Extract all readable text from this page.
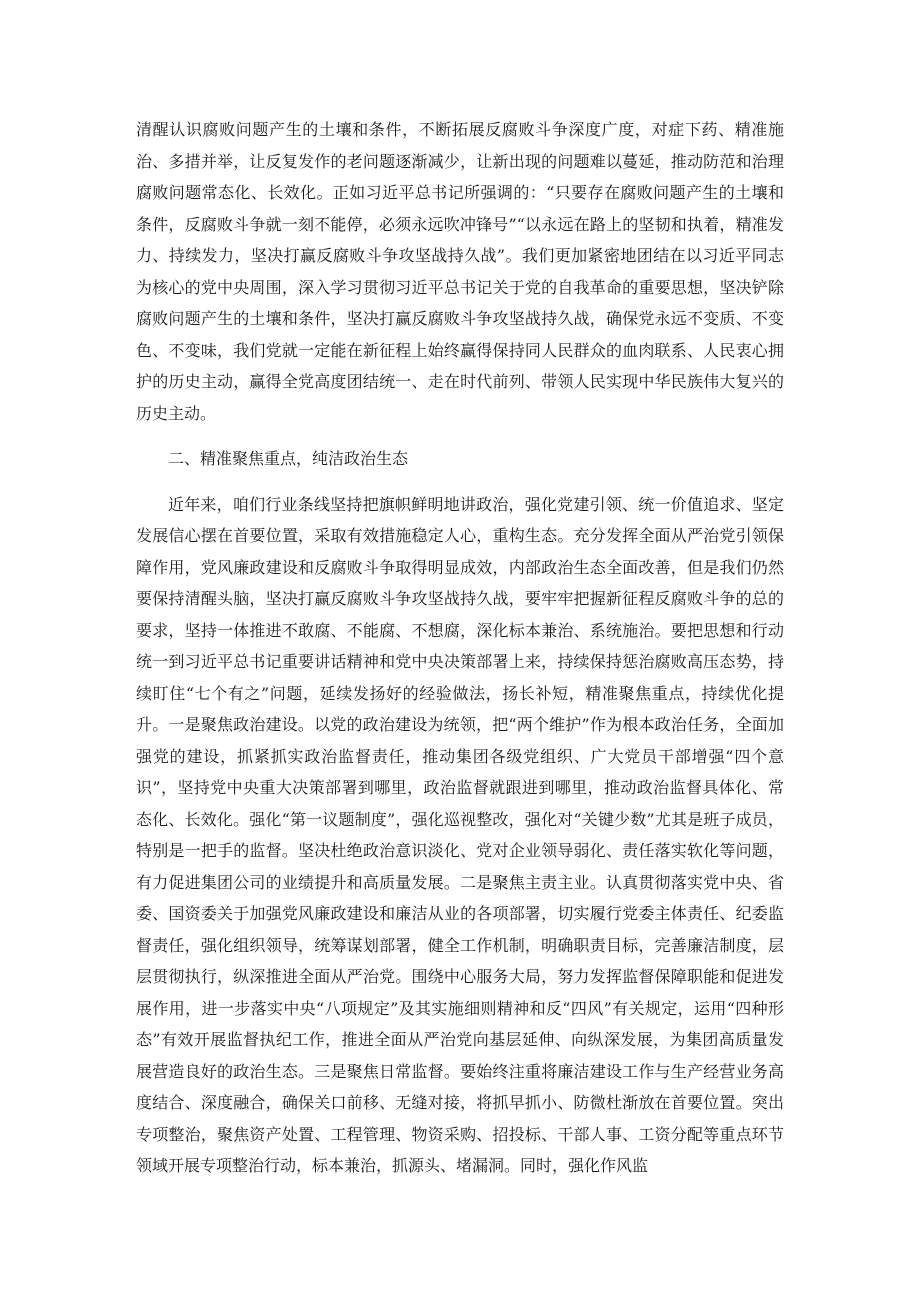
清醒认识腐败问题产生的土壤和条件，不断拓展反腐败斗争深度广度，对症下药、精准施治、多措并举，让反复发作的老问题逐渐减少，让新出现的问题难以蔓延，推动防范和治理腐败问题常态化、长效化。正如习近平总书记所强调的：“只要存在腐败问题产生的土壤和条件，反腐败斗争就一刻不能停，必须永远吹冲锋号”“以永远在路上的坚韧和执着，精准发力、持续发力，坚决打赢反腐败斗争攻坚战持久战”。我们更加紧密地团结在以习近平同志为核心的党中央周围，深入学习贯彻习近平总书记关于党的自我革命的重要思想，坚决铲除腐败问题产生的土壤和条件，坚决打赢反腐败斗争攻坚战持久战，确保党永远不变质、不变色、不变味，我们党就一定能在新征程上始终赢得保持同人民群众的血肉联系、人民衷心拥护的历史主动，赢得全党高度团结统一、走在时代前列、带领人民实现中华民族伟大复兴的历史主动。

二、精准聚焦重点，纯洁政治生态

近年来，咱们行业条线坚持把旗帜鲜明地讲政治，强化党建引领、统一价值追求、坚定发展信心摆在首要位置，采取有效措施稳定人心，重构生态。充分发挥全面从严治党引领保障作用，党风廉政建设和反腐败斗争取得明显成效，内部政治生态全面改善，但是我们仍然要保持清醒头脑，坚决打赢反腐败斗争攻坚战持久战，要牢牢把握新征程反腐败斗争的总的要求，坚持一体推进不敢腐、不能腐、不想腐，深化标本兼治、系统施治。要把思想和行动统一到习近平总书记重要讲话精神和党中央决策部署上来，持续保持惩治腐败高压态势，持续盯住“七个有之”问题，延续发扬好的经验做法，扬长补短，精准聚焦重点，持续优化提升。一是聚焦政治建设。以党的政治建设为统领，把“两个维护”作为根本政治任务，全面加强党的建设，抓紧抓实政治监督责任，推动集团各级党组织、广大党员干部增强“四个意识”，坚持党中央重大决策部署到哪里，政治监督就跟进到哪里，推动政治监督具体化、常态化、长效化。强化“第一议题制度”，强化巡视整改，强化对“关键少数”尤其是班子成员，特别是一把手的监督。坚决杜绝政治意识淡化、党对企业领导弱化、责任落实软化等问题，有力促进集团公司的业绩提升和高质量发展。二是聚焦主责主业。认真贯彻落实党中央、省委、国资委关于加强党风廉政建设和廉洁从业的各项部署，切实履行党委主体责任、纪委监督责任，强化组织领导，统筹谋划部署，健全工作机制，明确职责目标，完善廉洁制度，层层贯彻执行，纵深推进全面从严治党。围绕中心服务大局，努力发挥监督保障职能和促进发展作用，进一步落实中央“八项规定”及其实施细则精神和反“四风”有关规定，运用“四种形态”有效开展监督执纪工作，推进全面从严治党向基层延伸、向纵深发展，为集团高质量发展营造良好的政治生态。三是聚焦日常监督。要始终注重将廉洁建设工作与生产经营业务高度结合、深度融合，确保关口前移、无缝对接，将抓早抓小、防微杜渐放在首要位置。突出专项整治，聚焦资产处置、工程管理、物资采购、招投标、干部人事、工资分配等重点环节领域开展专项整治行动，标本兼治，抓源头、堵漏洞。同时，强化作风监
